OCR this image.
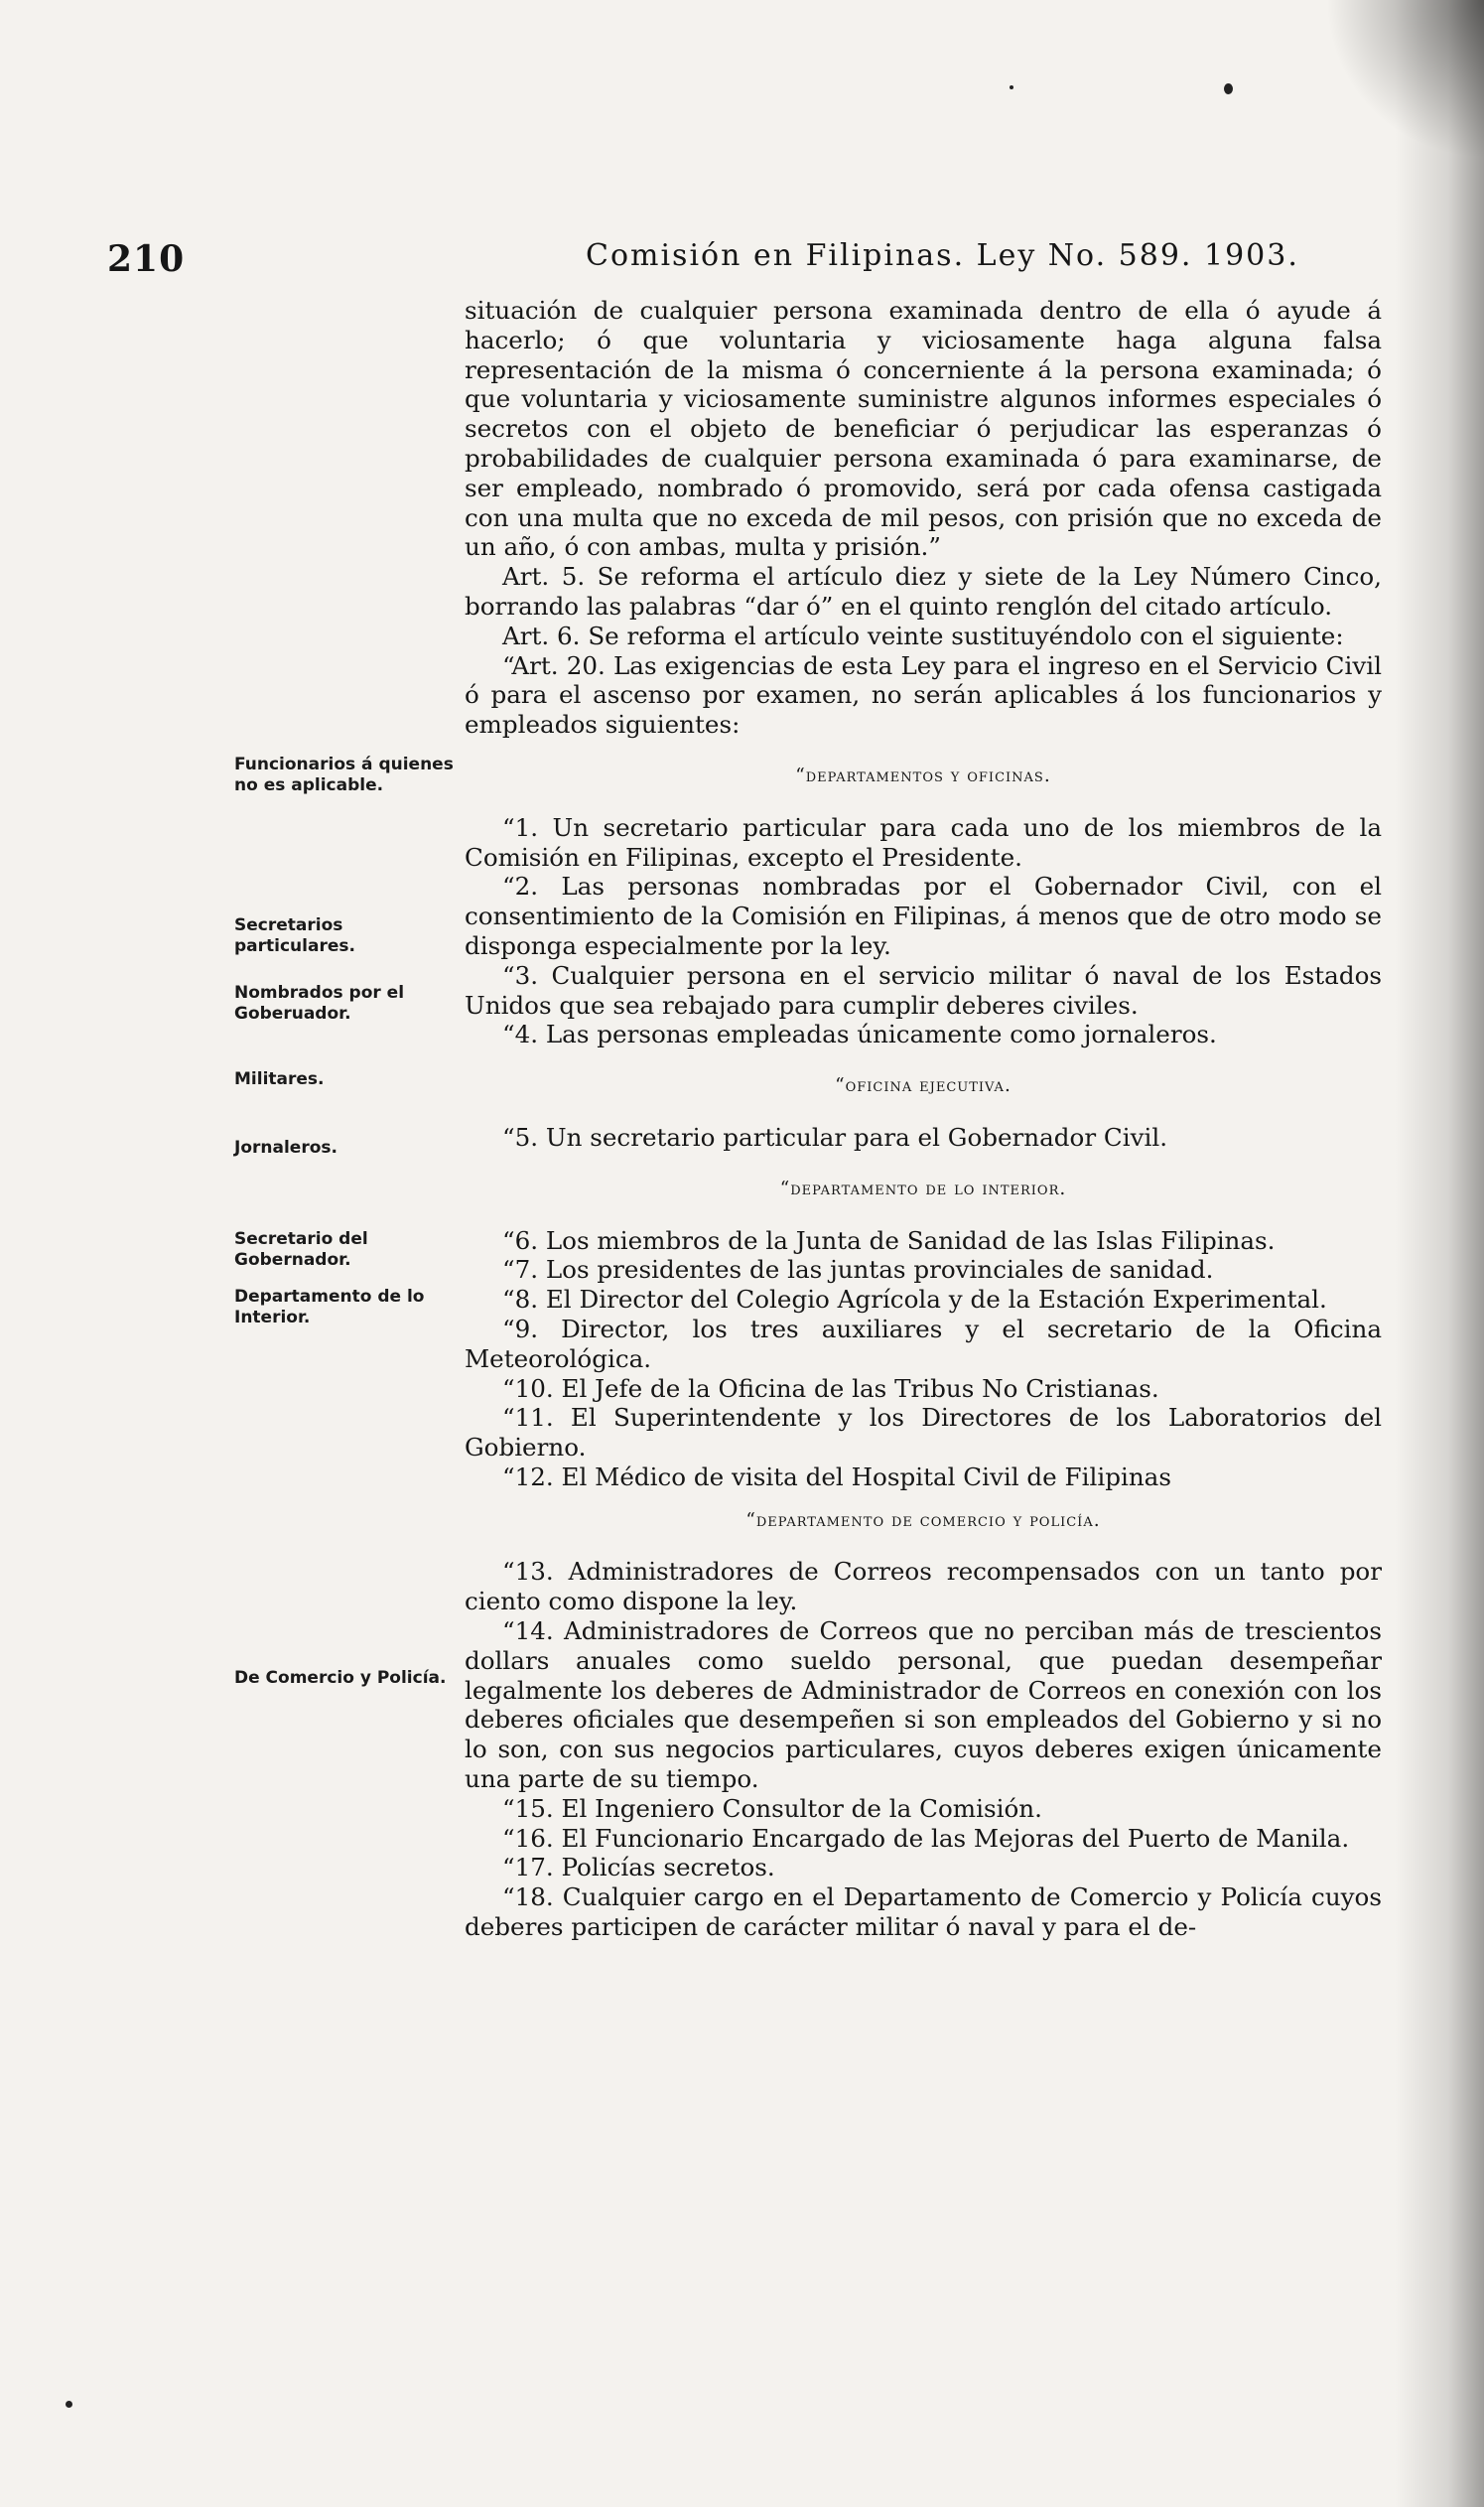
210	Comisión en Filipinas. Ley No. 589. 1903.
Funcionarios á quienes no es aplicable.
Secretarios particulares.
Nombrados por el Goberuador.
Militares.
Jornaleros.
Secretario del Gobernador.
Departamento de lo Interior.
De Comercio y Policía.

situación de cualquier persona examinada dentro de ella ó ayude á hacerlo; ó que voluntaria y viciosamente haga alguna falsa representación de la misma ó concerniente á la persona examinada; ó que voluntaria y viciosamente suministre algunos informes especiales ó secretos con el objeto de beneficiar ó perjudicar las esperanzas ó probabilidades de cualquier persona examinada ó para examinarse, de ser empleado, nombrado ó promovido, será por cada ofensa castigada con una multa que no exceda de mil pesos, con prisión que no exceda de un año, ó con ambas, multa y prisión.”

Art. 5. Se reforma el artículo diez y siete de la Ley Número Cinco, borrando las palabras “dar ó” en el quinto renglón del citado artículo.

Art. 6. Se reforma el artículo veinte sustituyéndolo con el siguiente:

“Art. 20. Las exigencias de esta Ley para el ingreso en el Servicio Civil ó para el ascenso por examen, no serán aplicables á los funcionarios y empleados siguientes:

“departamentos y oficinas.

“1. Un secretario particular para cada uno de los miembros de la Comisión en Filipinas, excepto el Presidente.

“2. Las personas nombradas por el Gobernador Civil, con el consentimiento de la Comisión en Filipinas, á menos que de otro modo se disponga especialmente por la ley.

“3. Cualquier persona en el servicio militar ó naval de los Estados Unidos que sea rebajado para cumplir deberes civiles.

“4. Las personas empleadas únicamente como jornaleros.

“oficina ejecutiva.

“5. Un secretario particular para el Gobernador Civil.

“departamento de lo interior.

“6. Los miembros de la Junta de Sanidad de las Islas Filipinas.

“7. Los presidentes de las juntas provinciales de sanidad.

“8. El Director del Colegio Agrícola y de la Estación Experimental.

“9. Director, los tres auxiliares y el secretario de la Oficina Meteorológica.

“10. El Jefe de la Oficina de las Tribus No Cristianas.

“11. El Superintendente y los Directores de los Laboratorios del Gobierno.

“12. El Médico de visita del Hospital Civil de Filipinas

“departamento de comercio y policía.

“13. Administradores de Correos recompensados con un tanto por ciento como dispone la ley.

“14. Administradores de Correos que no perciban más de trescientos dollars anuales como sueldo personal, que puedan desempeñar legalmente los deberes de Administrador de Correos en conexión con los deberes oficiales que desempeñen si son empleados del Gobierno y si no lo son, con sus negocios particulares, cuyos deberes exigen únicamente una parte de su tiempo.

“15. El Ingeniero Consultor de la Comisión.

“16. El Funcionario Encargado de las Mejoras del Puerto de Manila.

“17. Policías secretos.

“18. Cualquier cargo en el Departamento de Comercio y Policía cuyos deberes participen de carácter militar ó naval y para el de-
